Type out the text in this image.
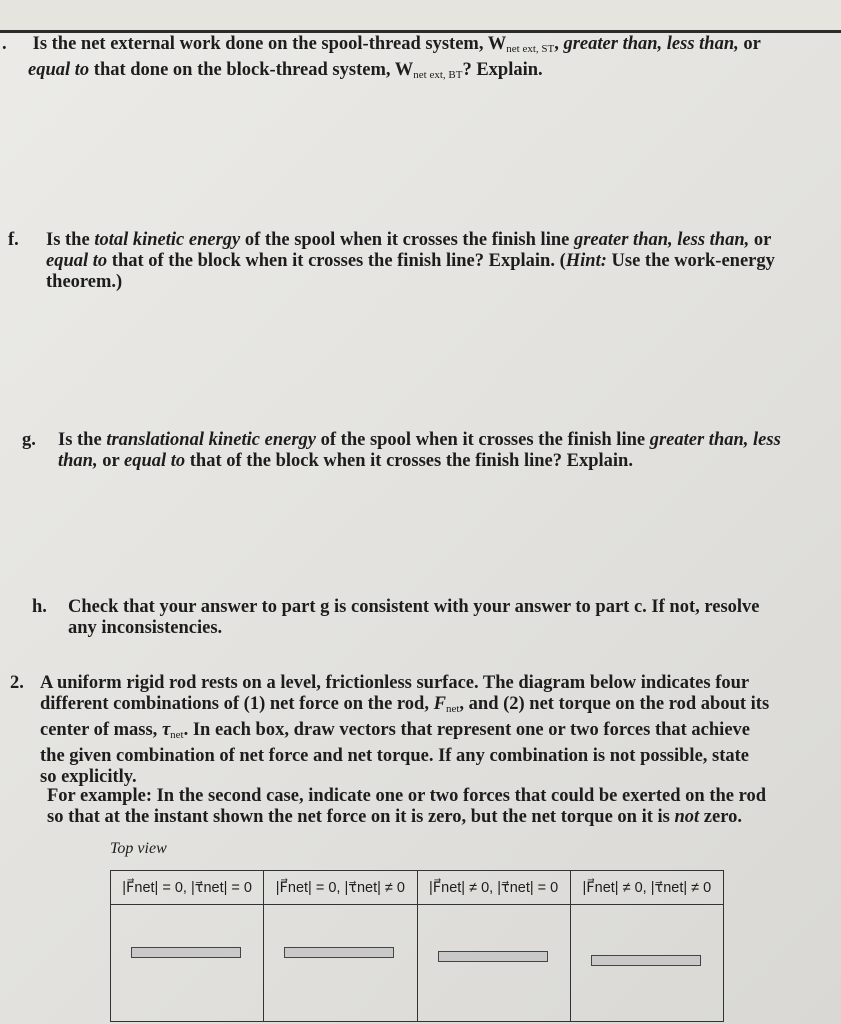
. Is the net external work done on the spool-thread system, $W_{net ext, ST}$, greater than, less than, or
equal to that done on the block-thread system, $W_{net ext, BT}$? Explain.
f.	Is the total kinetic energy of the spool when it crosses the finish line greater than, less than, or equal to that of the block when it crosses the finish line? Explain. (Hint: Use the work-energy theorem.)
g.	Is the translational kinetic energy of the spool when it crosses the finish line greater than, less than, or equal to that of the block when it crosses the finish line? Explain.
h.	Check that your answer to part g is consistent with your answer to part c. If not, resolve any inconsistencies.
2. A uniform rigid rod rests on a level, frictionless surface. The diagram below indicates four different combinations of (1) net force on the rod, $F_{net}$, and (2) net torque on the rod about its center of mass, $\tau_{net}$. In each box, draw vectors that represent one or two forces that achieve the given combination of net force and net torque. If any combination is not possible, state so explicitly.
For example: In the second case, indicate one or two forces that could be exerted on the rod so that at the instant shown the net force on it is zero, but the net torque on it is not zero.
Top view
|F⃗net| = 0, |τ⃗net| = 0	|F⃗net| = 0, |τ⃗net| ≠ 0	|F⃗net| ≠ 0, |τ⃗net| = 0	|F⃗net| ≠ 0, |τ⃗net| ≠ 0
